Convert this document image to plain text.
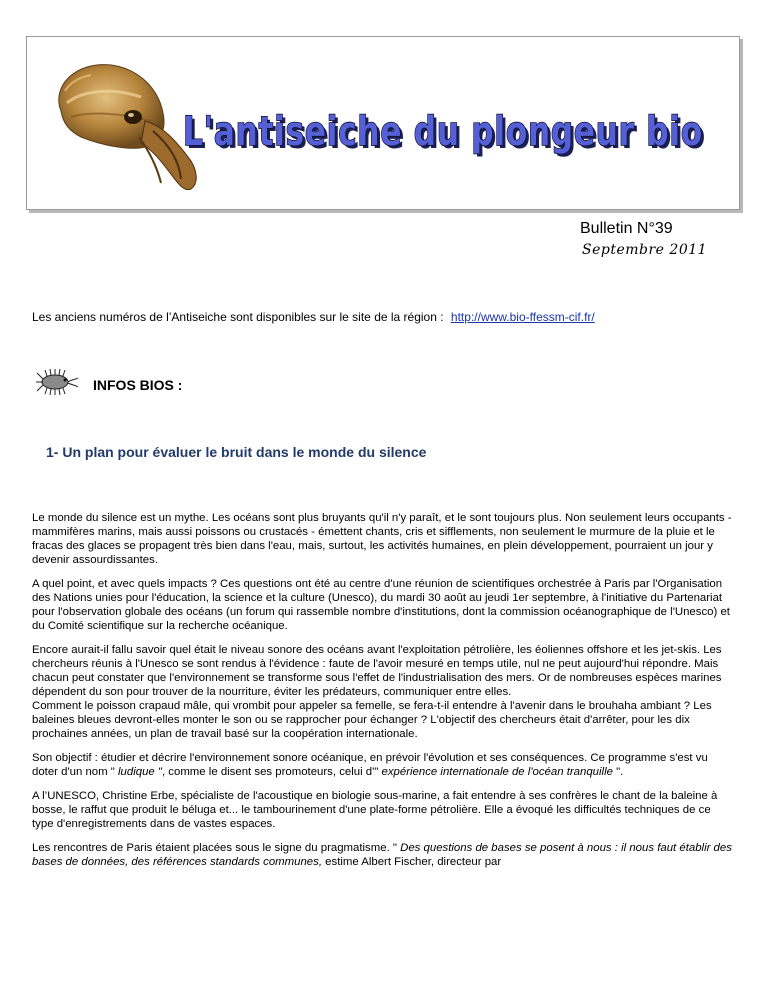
L'antiseiche du plongeur bio
L'antiseiche du plongeur bio
Bulletin N°39
Septembre 2011
Les anciens numéros de l’Antiseiche sont disponibles sur le site de la région : http://www.bio-ffessm-cif.fr/
INFOS BIOS :
1- Un plan pour évaluer le bruit dans le monde du silence

Le monde du silence est un mythe. Les océans sont plus bruyants qu'il n'y paraît, et le sont toujours plus. Non seulement leurs occupants - mammifères marins, mais aussi poissons ou crustacés - émettent chants, cris et sifflements, non seulement le murmure de la pluie et le fracas des glaces se propagent très bien dans l'eau, mais, surtout, les activités humaines, en plein développement, pourraient un jour y devenir assourdissantes.

A quel point, et avec quels impacts ? Ces questions ont été au centre d'une réunion de scientifiques orchestrée à Paris par l'Organisation des Nations unies pour l'éducation, la science et la culture (Unesco), du mardi 30 août au jeudi 1er septembre, à l'initiative du Partenariat pour l'observation globale des océans (un forum qui rassemble nombre d'institutions, dont la commission océanographique de l'Unesco) et du Comité scientifique sur la recherche océanique.

Encore aurait-il fallu savoir quel était le niveau sonore des océans avant l'exploitation pétrolière, les éoliennes offshore et les jet-skis. Les chercheurs réunis à l'Unesco se sont rendus à l'évidence : faute de l'avoir mesuré en temps utile, nul ne peut aujourd'hui répondre. Mais chacun peut constater que l'environnement se transforme sous l'effet de l'industrialisation des mers. Or de nombreuses espèces marines dépendent du son pour trouver de la nourriture, éviter les prédateurs, communiquer entre elles.

Comment le poisson crapaud mâle, qui vrombit pour appeler sa femelle, se fera-t-il entendre à l'avenir dans le brouhaha ambiant ? Les baleines bleues devront-elles monter le son ou se rapprocher pour échanger ? L'objectif des chercheurs était d'arrêter, pour les dix prochaines années, un plan de travail basé sur la coopération internationale.

Son objectif : étudier et décrire l'environnement sonore océanique, en prévoir l'évolution et ses conséquences. Ce programme s'est vu doter d'un nom " ludique ", comme le disent ses promoteurs, celui d'" expérience internationale de l'océan tranquille ".

A l’UNESCO, Christine Erbe, spécialiste de l'acoustique en biologie sous-marine, a fait entendre à ses confrères le chant de la baleine à bosse, le raffut que produit le béluga et... le tambourinement d'une plate-forme pétrolière. Elle a évoqué les difficultés techniques de ce type d'enregistrements dans de vastes espaces.

Les rencontres de Paris étaient placées sous le signe du pragmatisme. " Des questions de bases se posent à nous : il nous faut établir des bases de données, des références standards communes, estime Albert Fischer, directeur par
